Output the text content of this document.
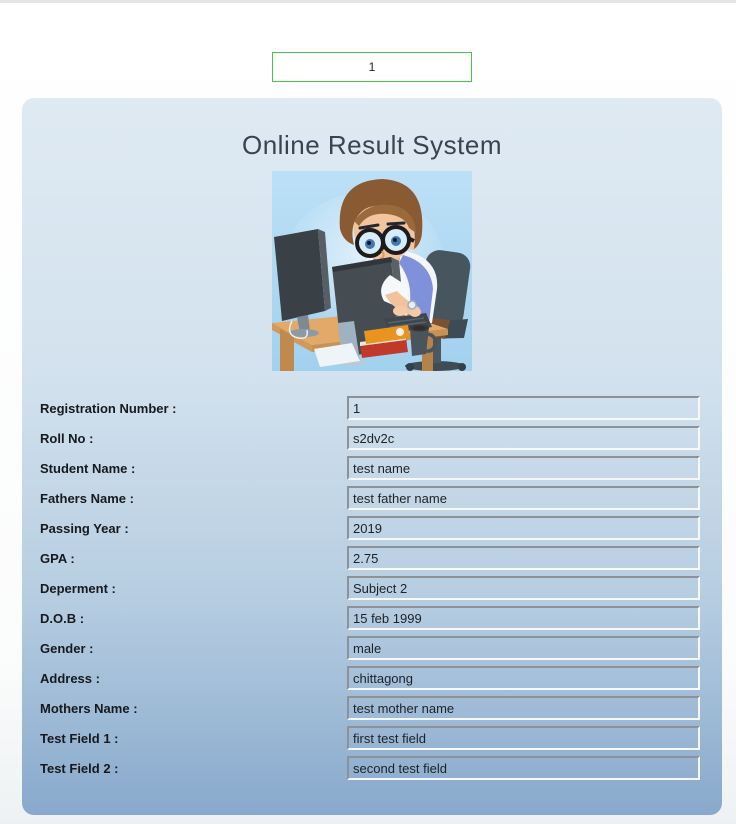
1
Online Result System
Registration Number :
1
Roll No :
s2dv2c
Student Name :
test name
Fathers Name :
test father name
Passing Year :
2019
GPA :
2.75
Deperment :
Subject 2
D.O.B :
15 feb 1999
Gender :
male
Address :
chittagong
Mothers Name :
test mother name
Test Field 1 :
first test field
Test Field 2 :
second test field
